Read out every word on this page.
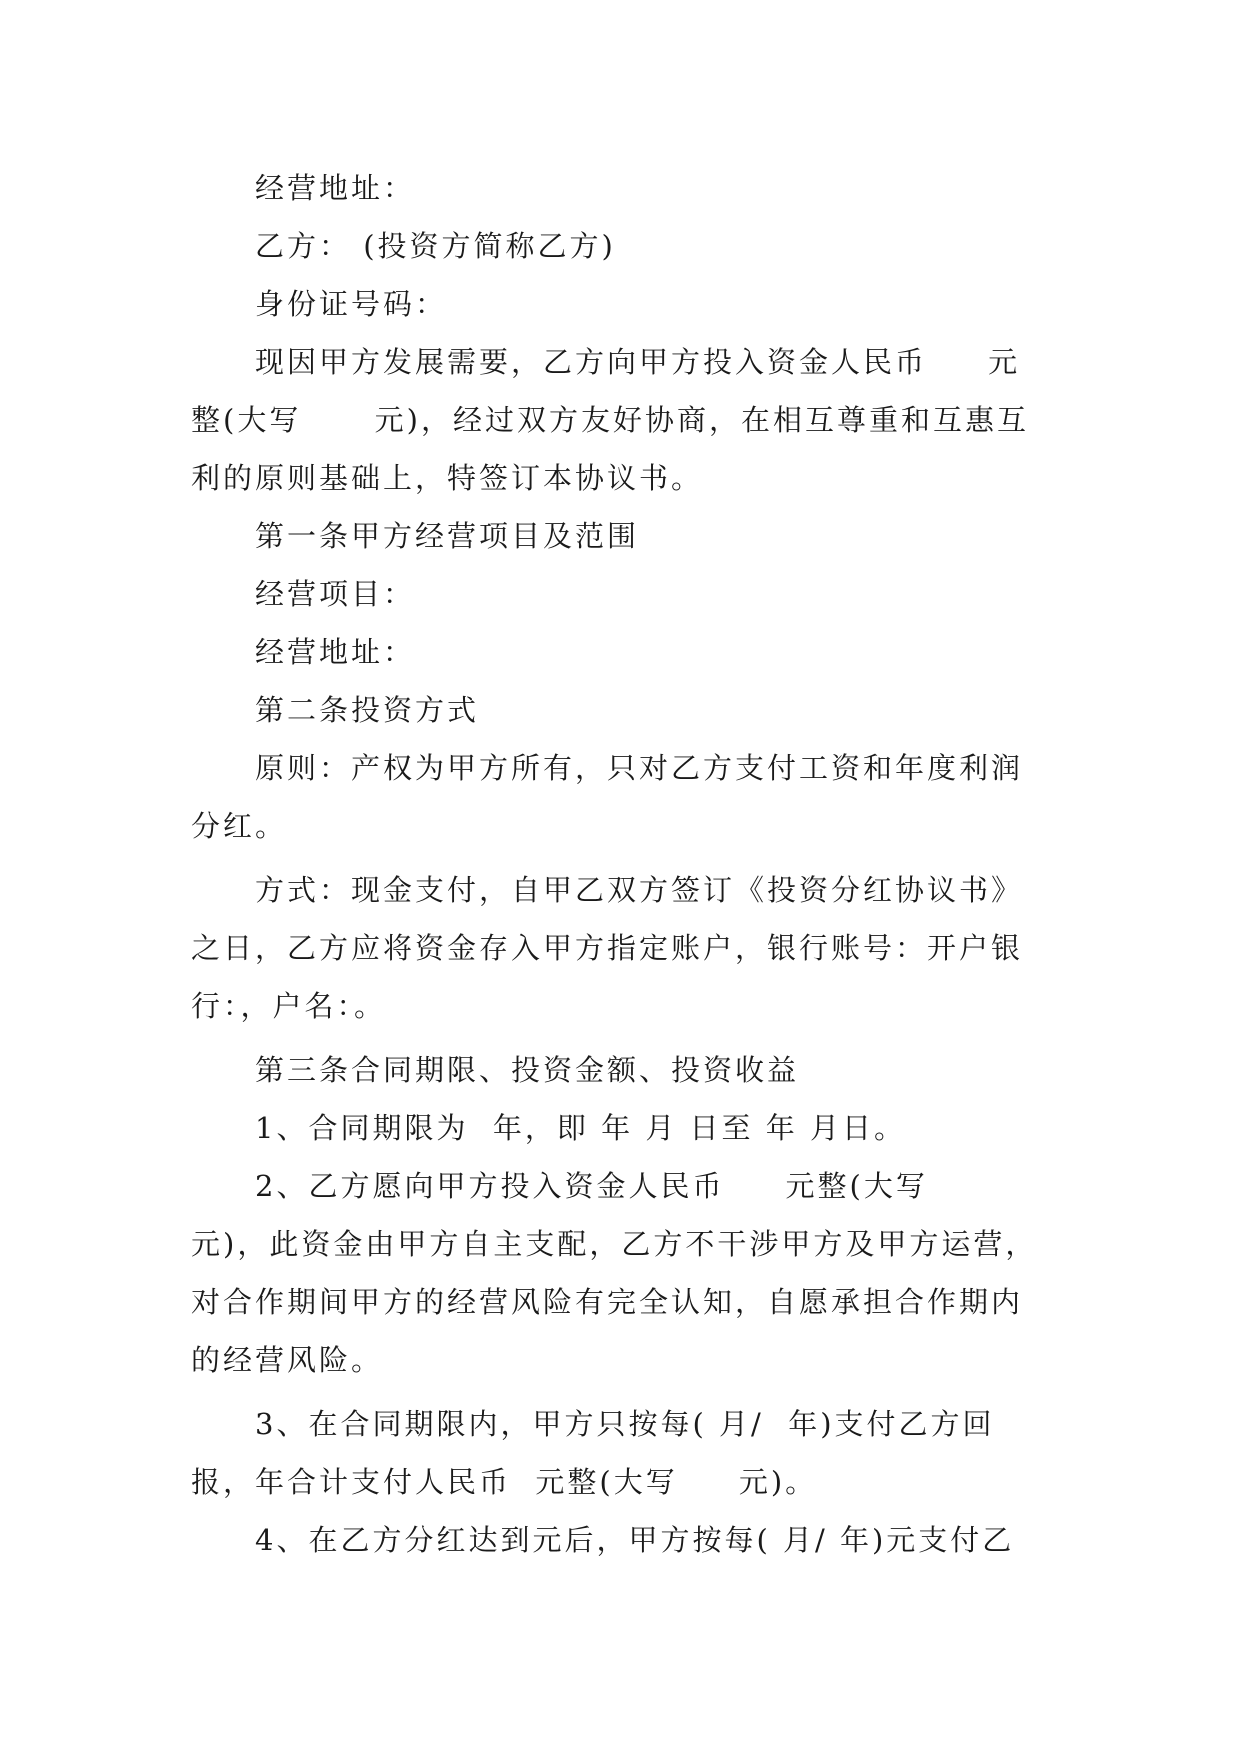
经营地址：

乙方： (投资方简称乙方)

身份证号码：

现因甲方发展需要，乙方向甲方投入资金人民币     元整(大写      元)，经过双方友好协商，在相互尊重和互惠互利的原则基础上，特签订本协议书。

第一条甲方经营项目及范围

经营项目：

经营地址：

第二条投资方式

原则：产权为甲方所有，只对乙方支付工资和年度利润分红。

方式：现金支付，自甲乙双方签订《投资分红协议书》之日，乙方应将资金存入甲方指定账户，银行账号：开户银行：，户名：。

第三条合同期限、投资金额、投资收益

1、合同期限为  年，即 年 月 日至 年 月日。

2、乙方愿向甲方投入资金人民币     元整(大写     元)，此资金由甲方自主支配，乙方不干涉甲方及甲方运营，对合作期间甲方的经营风险有完全认知，自愿承担合作期内的经营风险。

3、在合同期限内，甲方只按每( 月/  年)支付乙方回报，年合计支付人民币  元整(大写     元)。

4、在乙方分红达到元后，甲方按每( 月/ 年)元支付乙
